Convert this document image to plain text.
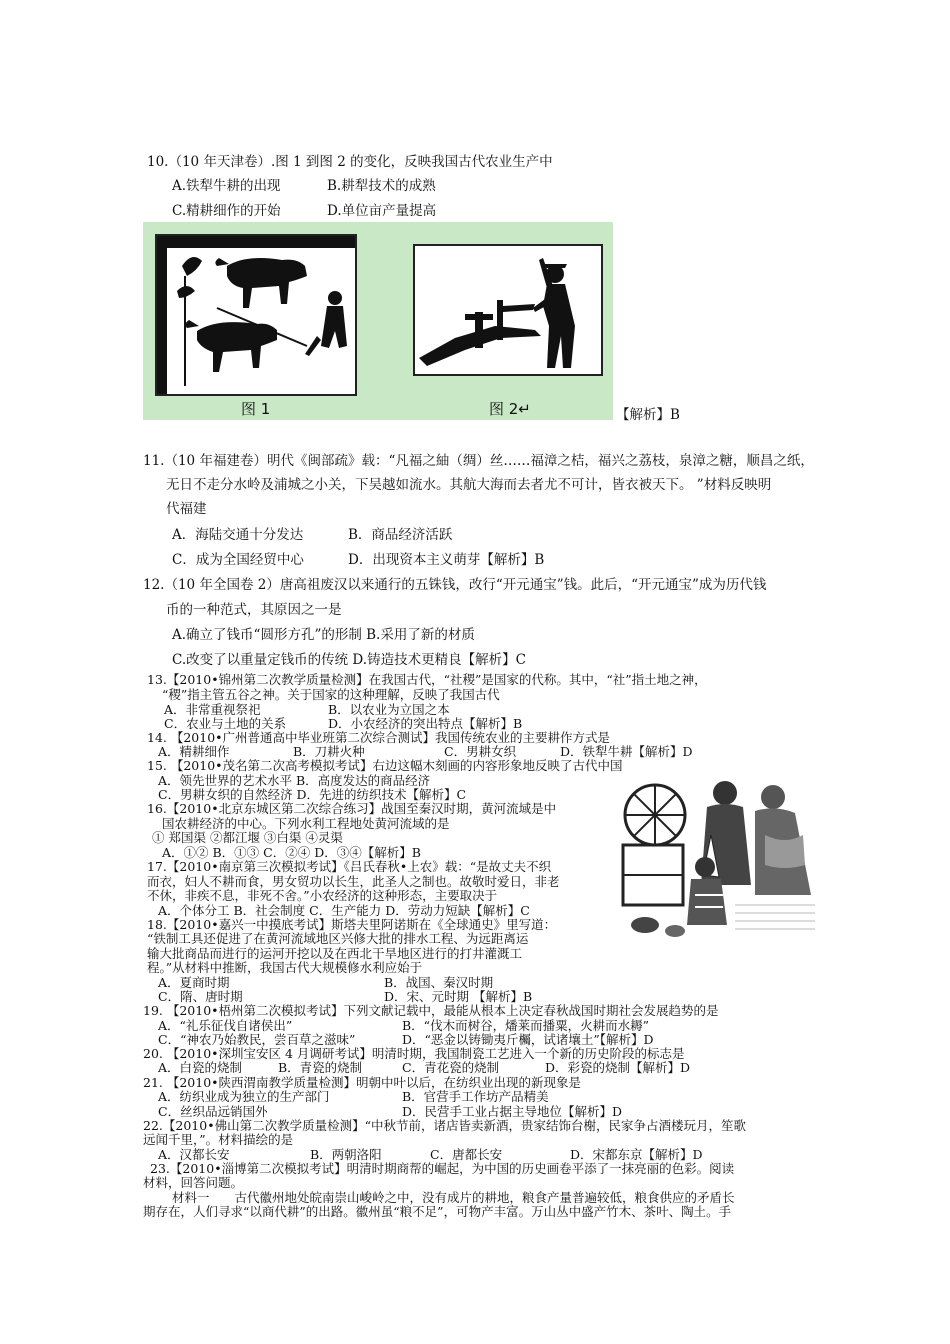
10.（10 年天津卷）.图 1 到图 2 的变化，反映我国古代农业生产中
A.铁犁牛耕的出现	B.耕犁技术的成熟
C.精耕细作的开始	D.单位亩产量提高
图 1	图 2↵	【解析】B
11.（10 年福建卷）明代《闽部疏》载：“凡福之紬（绸）丝……福漳之桔，福兴之荔枝，泉漳之糖，顺昌之纸，
无日不走分水岭及浦城之小关，下吴越如流水。其航大海而去者尤不可计，皆衣被天下。 ”材料反映明
代福建
A．海陆交通十分发达	B．商品经济活跃
C．成为全国经贸中心	D．出现资本主义萌芽【解析】B
12.（10 年全国卷 2）唐高祖废汉以来通行的五铢钱，改行“开元通宝”钱。此后，“开元通宝”成为历代钱
币的一种范式，其原因之一是
A.确立了钱币“圆形方孔”的形制 B.采用了新的材质
C.改变了以重量定钱币的传统 D.铸造技术更精良【解析】C
13.【2010•锦州第二次教学质量检测】在我国古代，“社稷”是国家的代称。其中，“社”指土地之神，
“稷”指主管五谷之神。关于国家的这种理解，反映了我国古代
A．非常重视祭祀	B．以农业为立国之本
C．农业与土地的关系	D．小农经济的突出特点【解析】B
14. 【2010•广州普通高中毕业班第二次综合测试】我国传统农业的主要耕作方式是
A．精耕细作	B．刀耕火种	C．男耕女织	D．铁犁牛耕【解析】D
15. 【2010•茂名第二次高考模拟考试】右边这幅木刻画的内容形象地反映了古代中国
A．领先世界的艺术水平 B．高度发达的商品经济
C．男耕女织的自然经济 D．先进的纺织技术【解析】C
16.【2010•北京东城区第二次综合练习】战国至秦汉时期，黄河流域是中
国农耕经济的中心。下列水利工程地处黄河流域的是
① 郑国渠 ②都江堰 ③白渠 ④灵渠
A．①② B．①③ C．②④ D．③④【解析】B
17.【2010•南京第三次模拟考试】《吕氏春秋•上农》载：“是故丈夫不织
而衣，妇人不耕而食，男女贸功以长生，此圣人之制也。故敬时爱日，非老
不休，非疾不息，非死不舍。”小农经济的这种形态，主要取决于
A．个体分工 B．社会制度 C．生产能力 D．劳动力短缺【解析】C
18.【2010•嘉兴一中摸底考试】斯塔夫里阿诺斯在《全球通史》里写道：
“铁制工具还促进了在黄河流域地区兴修大批的排水工程、为远距离运
输大批商品而进行的运河开挖以及在西北干旱地区进行的打井灌溉工
程。”从材料中推断，我国古代大规模修水利应始于
A．夏商时期	B．战国、秦汉时期
C．隋、唐时期	D．宋、元时期 【解析】B
19. 【2010•梧州第二次模拟考试】下列文献记载中，最能从根本上决定春秋战国时期社会发展趋势的是
A．“礼乐征伐自诸侯出”	B．“伐木而树谷，燔莱而播粟，火耕而水耨”
C．“神农乃始教民，尝百草之滋味”	D．“恶金以铸锄夷斤欘，试诸壤土”【解析】D
20. 【2010•深圳宝安区 4 月调研考试】明清时期，我国制瓷工艺进入一个新的历史阶段的标志是
A．白瓷的烧制	B．青瓷的烧制	C．青花瓷的烧制	D．彩瓷的烧制【解析】D
21. 【2010•陕西渭南教学质量检测】明朝中叶以后，在纺织业出现的新现象是
A．纺织业成为独立的生产部门	B．官营手工作坊产品精美
C．丝织品远销国外	D．民营手工业占据主导地位【解析】D
22.【2010•佛山第二次教学质量检测】“中秋节前，诸店皆卖新酒，贵家结饰台榭，民家争占酒楼玩月，笙歌
远闻千里，”。材料描绘的是
A．汉都长安	B．两朝洛阳	C．唐都长安	D．宋都东京【解析】D
23.【2010•淄博第二次模拟考试】明清时期商帮的崛起，为中国的历史画卷平添了一抹亮丽的色彩。阅读
材料，回答问题。
材料一　　古代徽州地处皖南崇山峻岭之中，没有成片的耕地，粮食产量普遍较低，粮食供应的矛盾长
期存在，人们寻求“以商代耕”的出路。徽州虽“粮不足”，可物产丰富。万山丛中盛产竹木、茶叶、陶土。手
